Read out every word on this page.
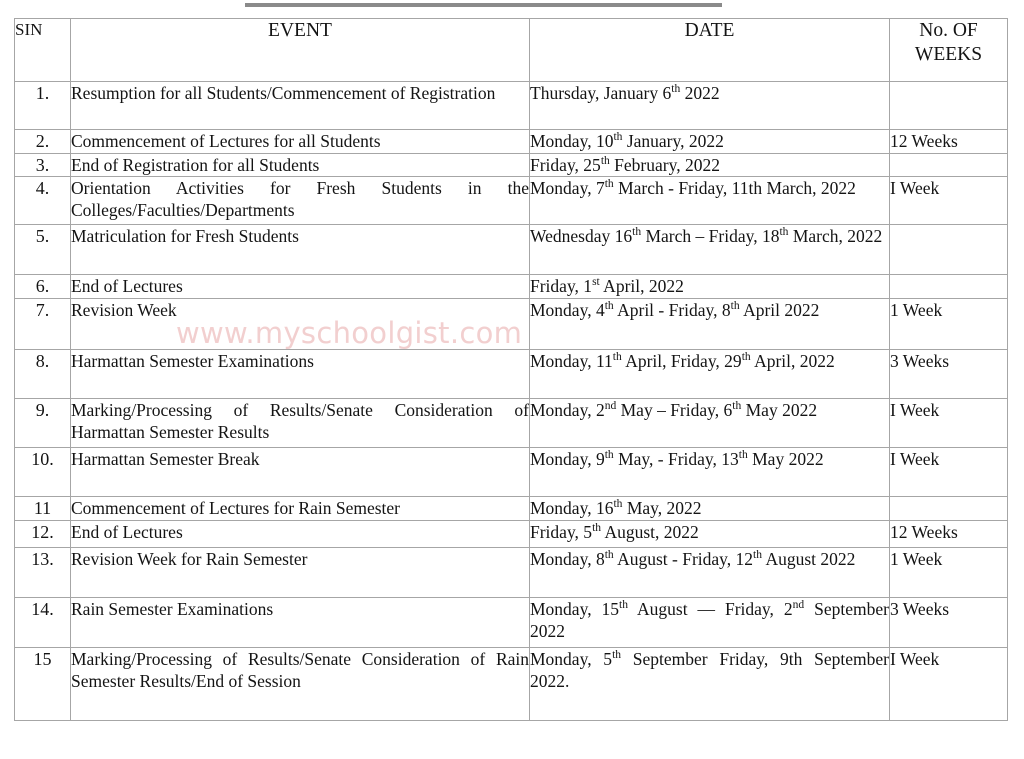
www.myschoolgist.com
SIN	EVENT	DATE	No. OF
WEEKS

1.	Resumption for all Students/Commencement of Registration	Thursday, January 6th 2022	
2.	Commencement of Lectures for all Students	Monday, 10th January, 2022	12 Weeks
3.	End of Registration for all Students	Friday, 25th February, 2022	
4.	Orientation Activities for Fresh Students in the Colleges/Faculties/Departments	Monday, 7th March - Friday, 11th March, 2022	I Week
5.	Matriculation for Fresh Students	Wednesday 16th March – Friday, 18th March, 2022	
6.	End of Lectures	Friday, 1st April, 2022	
7.	Revision Week	Monday, 4th April - Friday, 8th April 2022	1 Week
8.	Harmattan Semester Examinations	Monday, 11th April, Friday, 29th April, 2022	3 Weeks
9.	Marking/Processing of Results/Senate Consideration of Harmattan Semester Results	Monday, 2nd May – Friday, 6th May 2022	I Week
10.	Harmattan Semester Break	Monday, 9th May, - Friday, 13th May 2022	I Week
11	Commencement of Lectures for Rain Semester	Monday, 16th May, 2022	
12.	End of Lectures	Friday, 5th August, 2022	12 Weeks
13.	Revision Week for Rain Semester	Monday, 8th August - Friday, 12th August 2022	1 Week
14.	Rain Semester Examinations	Monday, 15th August — Friday, 2nd September 2022	3 Weeks
15	Marking/Processing of Results/Senate Consideration of Rain Semester Results/End of Session	Monday, 5th September Friday, 9th September 2022.	I Week
